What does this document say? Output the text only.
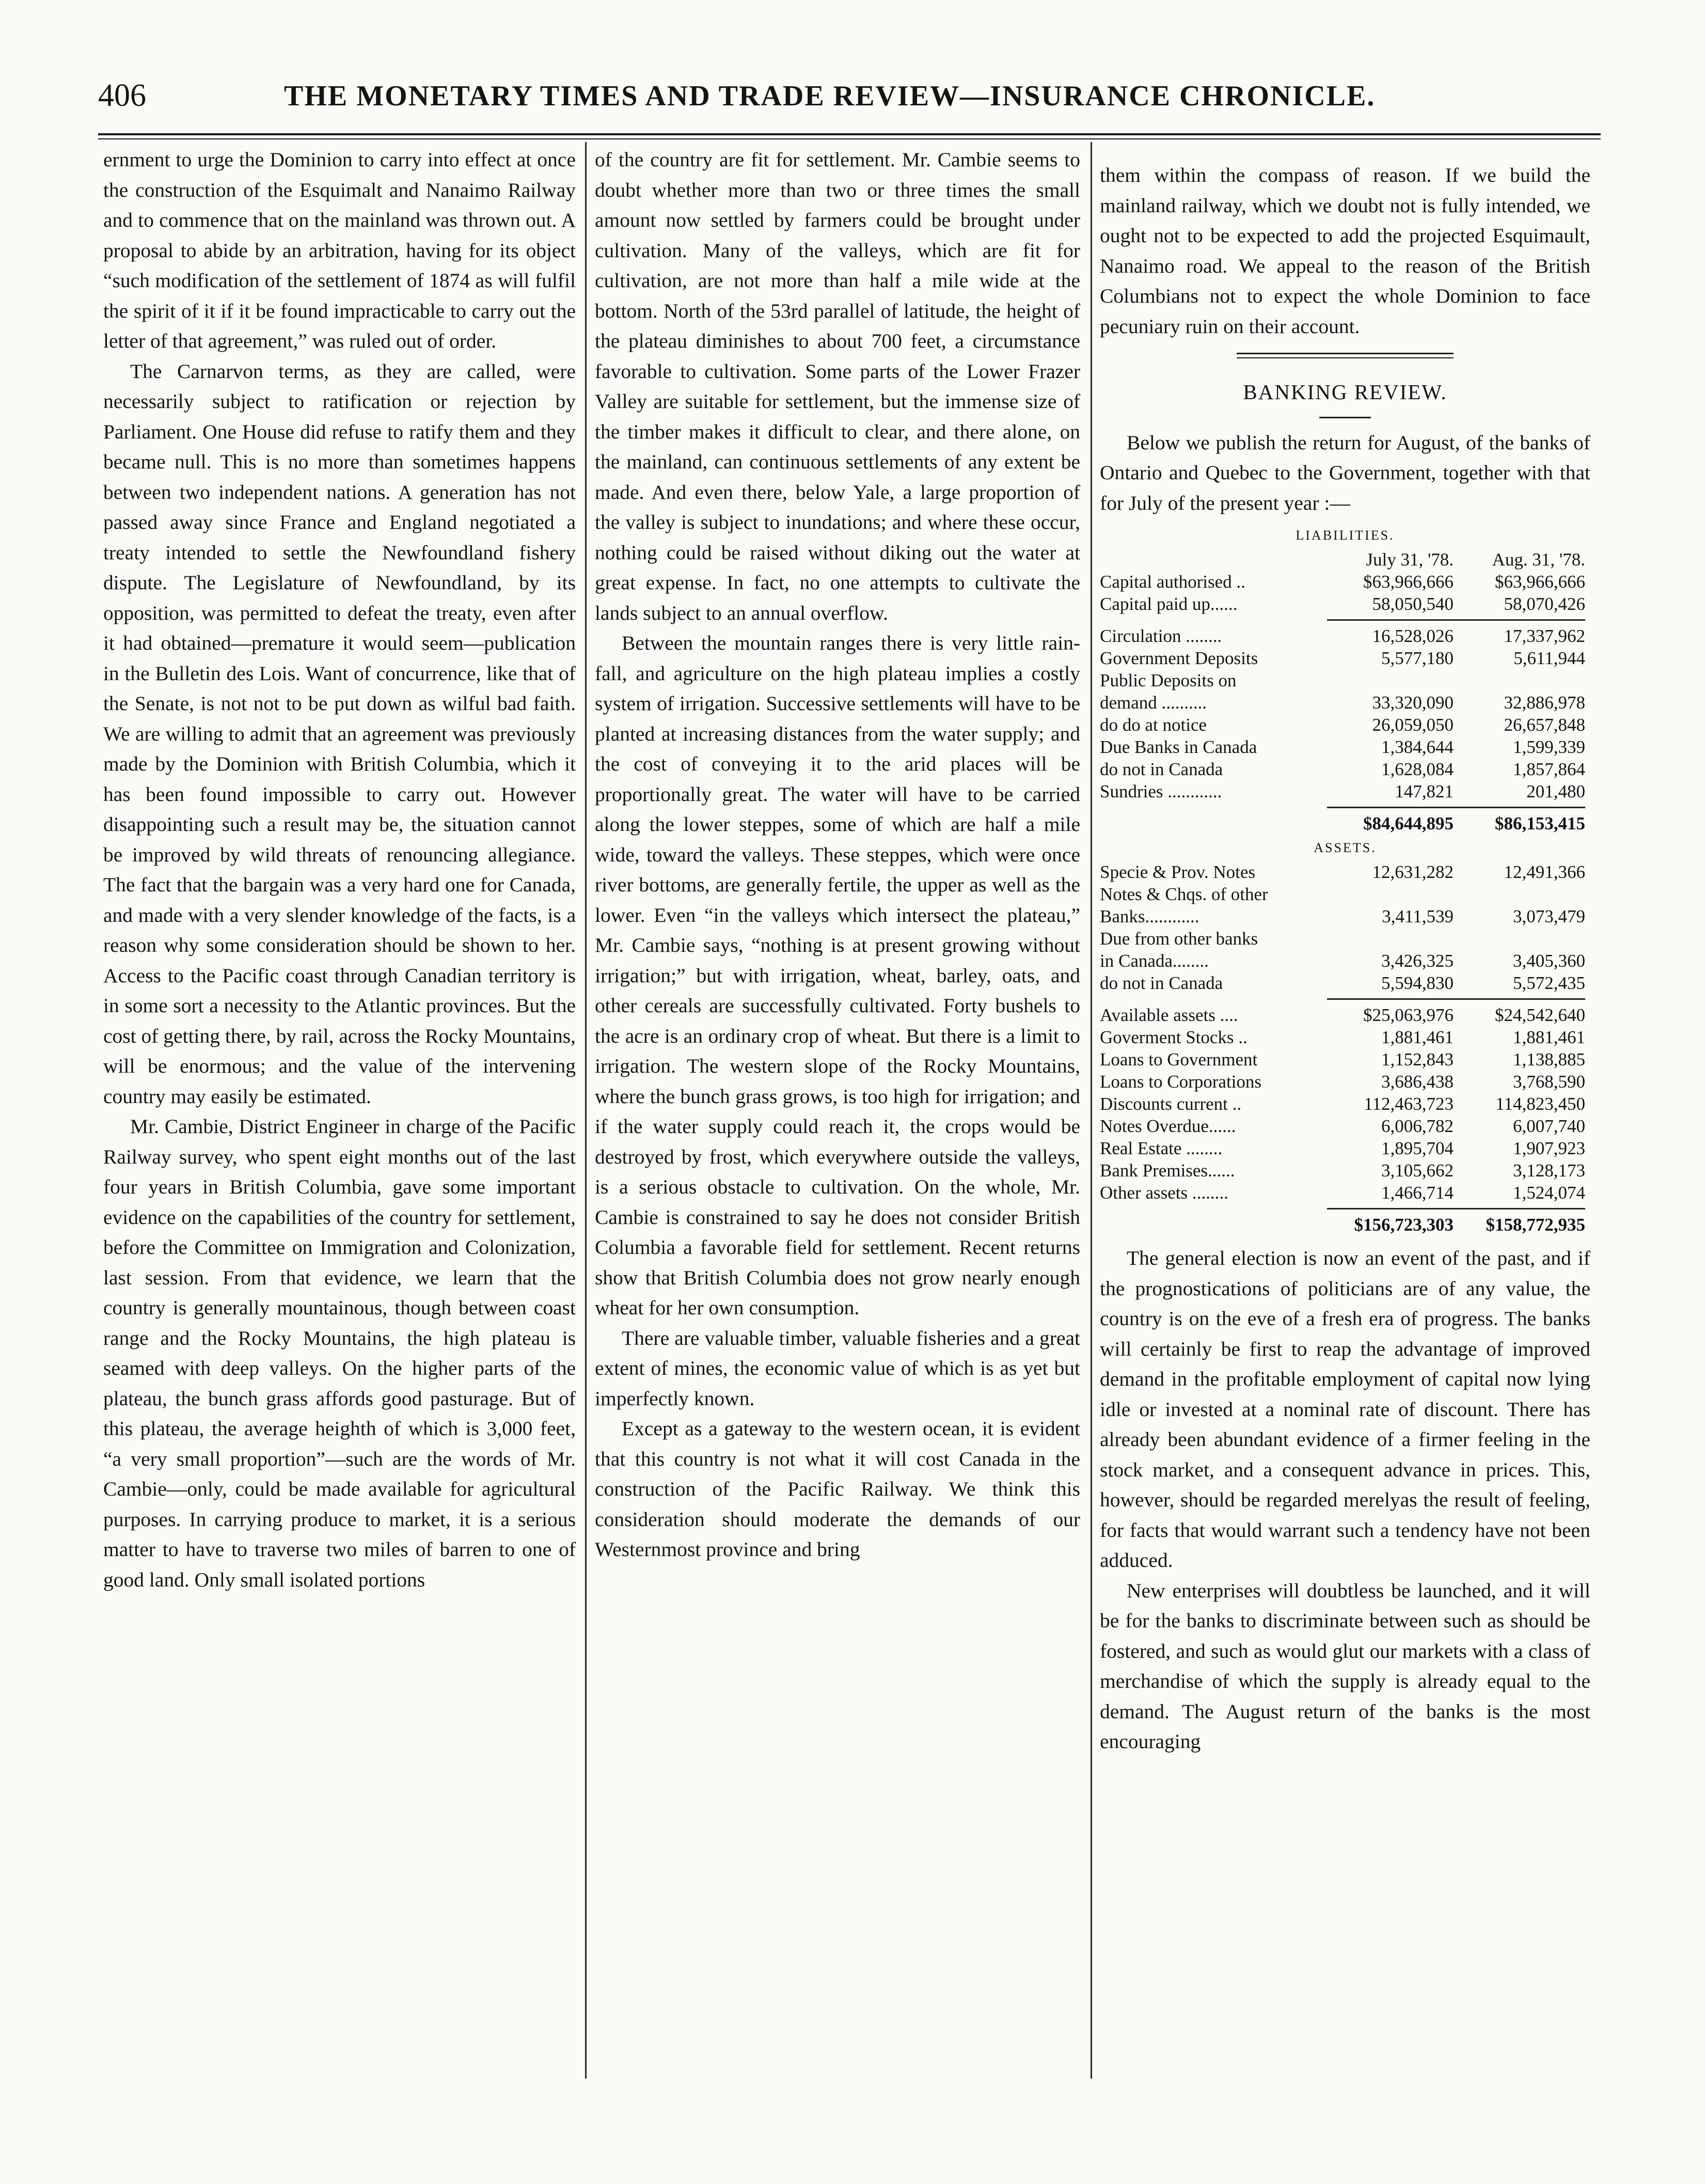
406	THE MONETARY TIMES AND TRADE REVIEW—INSURANCE CHRONICLE.

ernment to urge the Dominion to carry into effect at once the construction of the Esquimalt and Nanaimo Railway and to commence that on the mainland was thrown out. A proposal to abide by an arbitration, having for its object “such modification of the settlement of 1874 as will fulfil the spirit of it if it be found impracticable to carry out the letter of that agreement,” was ruled out of order.

The Carnarvon terms, as they are called, were necessarily subject to ratification or rejection by Parliament. One House did refuse to ratify them and they became null. This is no more than sometimes happens between two independent nations. A generation has not passed away since France and England negotiated a treaty intended to settle the Newfoundland fishery dispute. The Legislature of Newfoundland, by its opposition, was permitted to defeat the treaty, even after it had obtained—premature it would seem—publication in the Bulletin des Lois. Want of concurrence, like that of the Senate, is not not to be put down as wilful bad faith. We are willing to admit that an agreement was previously made by the Dominion with British Columbia, which it has been found impossible to carry out. However disappointing such a result may be, the situation cannot be improved by wild threats of renouncing allegiance. The fact that the bargain was a very hard one for Canada, and made with a very slender knowledge of the facts, is a reason why some consideration should be shown to her. Access to the Pacific coast through Canadian territory is in some sort a necessity to the Atlantic provinces. But the cost of getting there, by rail, across the Rocky Mountains, will be enormous; and the value of the intervening country may easily be estimated.

Mr. Cambie, District Engineer in charge of the Pacific Railway survey, who spent eight months out of the last four years in British Columbia, gave some important evidence on the capabilities of the country for settlement, before the Committee on Immigration and Colonization, last session. From that evidence, we learn that the country is generally mountainous, though between coast range and the Rocky Mountains, the high plateau is seamed with deep valleys. On the higher parts of the plateau, the bunch grass affords good pasturage. But of this plateau, the average heighth of which is 3,000 feet, “a very small proportion”—such are the words of Mr. Cambie—only, could be made available for agricultural purposes. In carrying produce to market, it is a serious matter to have to traverse two miles of barren to one of good land. Only small isolated portions

of the country are fit for settlement. Mr. Cambie seems to doubt whether more than two or three times the small amount now settled by farmers could be brought under cultivation. Many of the valleys, which are fit for cultivation, are not more than half a mile wide at the bottom. North of the 53rd parallel of latitude, the height of the plateau diminishes to about 700 feet, a circumstance favorable to cultivation. Some parts of the Lower Frazer Valley are suitable for settlement, but the immense size of the timber makes it difficult to clear, and there alone, on the mainland, can continuous settlements of any extent be made. And even there, below Yale, a large proportion of the valley is subject to inundations; and where these occur, nothing could be raised without diking out the water at great expense. In fact, no one attempts to cultivate the lands subject to an annual overflow.

Between the mountain ranges there is very little rain-fall, and agriculture on the high plateau implies a costly system of irrigation. Successive settlements will have to be planted at increasing distances from the water supply; and the cost of conveying it to the arid places will be proportionally great. The water will have to be carried along the lower steppes, some of which are half a mile wide, toward the valleys. These steppes, which were once river bottoms, are generally fertile, the upper as well as the lower. Even “in the valleys which intersect the plateau,” Mr. Cambie says, “nothing is at present growing without irrigation;” but with irrigation, wheat, barley, oats, and other cereals are successfully cultivated. Forty bushels to the acre is an ordinary crop of wheat. But there is a limit to irrigation. The western slope of the Rocky Mountains, where the bunch grass grows, is too high for irrigation; and if the water supply could reach it, the crops would be destroyed by frost, which everywhere outside the valleys, is a serious obstacle to cultivation. On the whole, Mr. Cambie is constrained to say he does not consider British Columbia a favorable field for settlement. Recent returns show that British Columbia does not grow nearly enough wheat for her own consumption.

There are valuable timber, valuable fisheries and a great extent of mines, the economic value of which is as yet but imperfectly known.

Except as a gateway to the western ocean, it is evident that this country is not what it will cost Canada in the construction of the Pacific Railway. We think this consideration should moderate the demands of our Westernmost province and bring

them within the compass of reason. If we build the mainland railway, which we doubt not is fully intended, we ought not to be expected to add the projected Esquimault, Nanaimo road. We appeal to the reason of the British Columbians not to expect the whole Dominion to face pecuniary ruin on their account.

BANKING REVIEW.

Below we publish the return for August, of the banks of Ontario and Quebec to the Government, together with that for July of the present year :—

LIABILITIES.
July 31, '78.	Aug. 31, '78.
Capital authorised ..	$63,966,666	$63,966,666
Capital paid up......	58,050,540	58,070,426
Circulation ........	16,528,026	17,337,962
Government Deposits	5,577,180	5,611,944
Public Deposits on
demand ..........	33,320,090	32,886,978
do do at notice	26,059,050	26,657,848
Due Banks in Canada	1,384,644	1,599,339
do not in Canada	1,628,084	1,857,864
Sundries ............	147,821	201,480
$84,644,895	$86,153,415
ASSETS.
Specie & Prov. Notes	12,631,282	12,491,366
Notes & Chqs. of other
Banks............	3,411,539	3,073,479
Due from other banks
in Canada........	3,426,325	3,405,360
do not in Canada	5,594,830	5,572,435
Available assets ....	$25,063,976	$24,542,640
Goverment Stocks ..	1,881,461	1,881,461
Loans to Government	1,152,843	1,138,885
Loans to Corporations	3,686,438	3,768,590
Discounts current ..	112,463,723	114,823,450
Notes Overdue......	6,006,782	6,007,740
Real Estate ........	1,895,704	1,907,923
Bank Premises......	3,105,662	3,128,173
Other assets ........	1,466,714	1,524,074
$156,723,303	$158,772,935

The general election is now an event of the past, and if the prognostications of politicians are of any value, the country is on the eve of a fresh era of progress. The banks will certainly be first to reap the advantage of improved demand in the profitable employment of capital now lying idle or invested at a nominal rate of discount. There has already been abundant evidence of a firmer feeling in the stock market, and a consequent advance in prices. This, however, should be regarded merelyas the result of feeling, for facts that would warrant such a tendency have not been adduced.

New enterprises will doubtless be launched, and it will be for the banks to discriminate between such as should be fostered, and such as would glut our markets with a class of merchandise of which the supply is already equal to the demand. The August return of the banks is the most encouraging
